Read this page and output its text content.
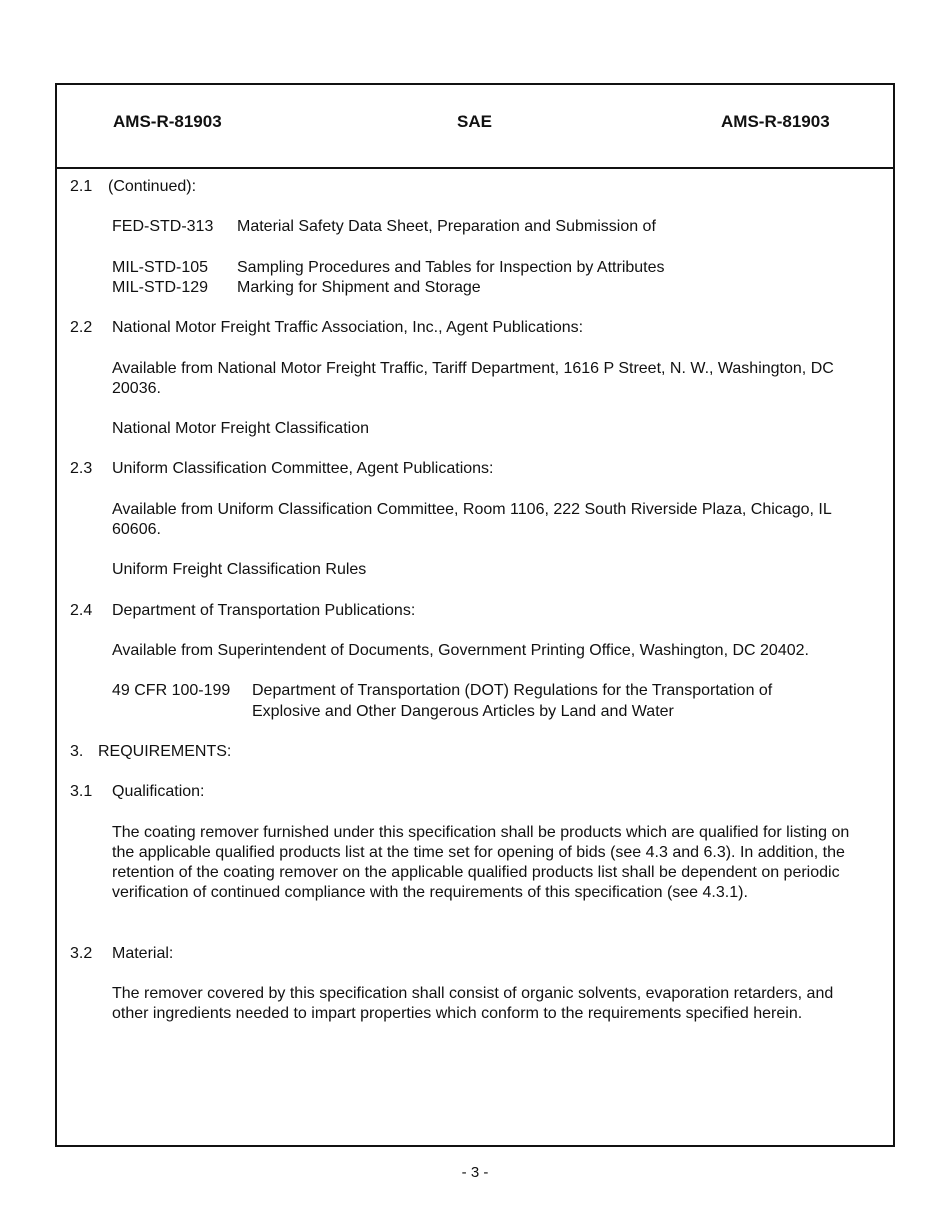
AMS-R-81903	SAE	AMS-R-81903
2.1 (Continued):
FED-STD-313 Material Safety Data Sheet, Preparation and Submission of
MIL-STD-105 Sampling Procedures and Tables for Inspection by Attributes
MIL-STD-129 Marking for Shipment and Storage
2.2 National Motor Freight Traffic Association, Inc., Agent Publications:
Available from National Motor Freight Traffic, Tariff Department, 1616 P Street, N. W., Washington, DC 20036.
National Motor Freight Classification
2.3 Uniform Classification Committee, Agent Publications:
Available from Uniform Classification Committee, Room 1106, 222 South Riverside Plaza, Chicago, IL 60606.
Uniform Freight Classification Rules
2.4 Department of Transportation Publications:
Available from Superintendent of Documents, Government Printing Office, Washington, DC 20402.
49 CFR 100-199 Department of Transportation (DOT) Regulations for the Transportation of
Explosive and Other Dangerous Articles by Land and Water
3. REQUIREMENTS:
3.1 Qualification:
The coating remover furnished under this specification shall be products which are qualified for listing on the applicable qualified products list at the time set for opening of bids (see 4.3 and 6.3). In addition, the retention of the coating remover on the applicable qualified products list shall be dependent on periodic verification of continued compliance with the requirements of this specification (see 4.3.1).
3.2 Material:
The remover covered by this specification shall consist of organic solvents, evaporation retarders, and other ingredients needed to impart properties which conform to the requirements specified herein.
- 3 -
